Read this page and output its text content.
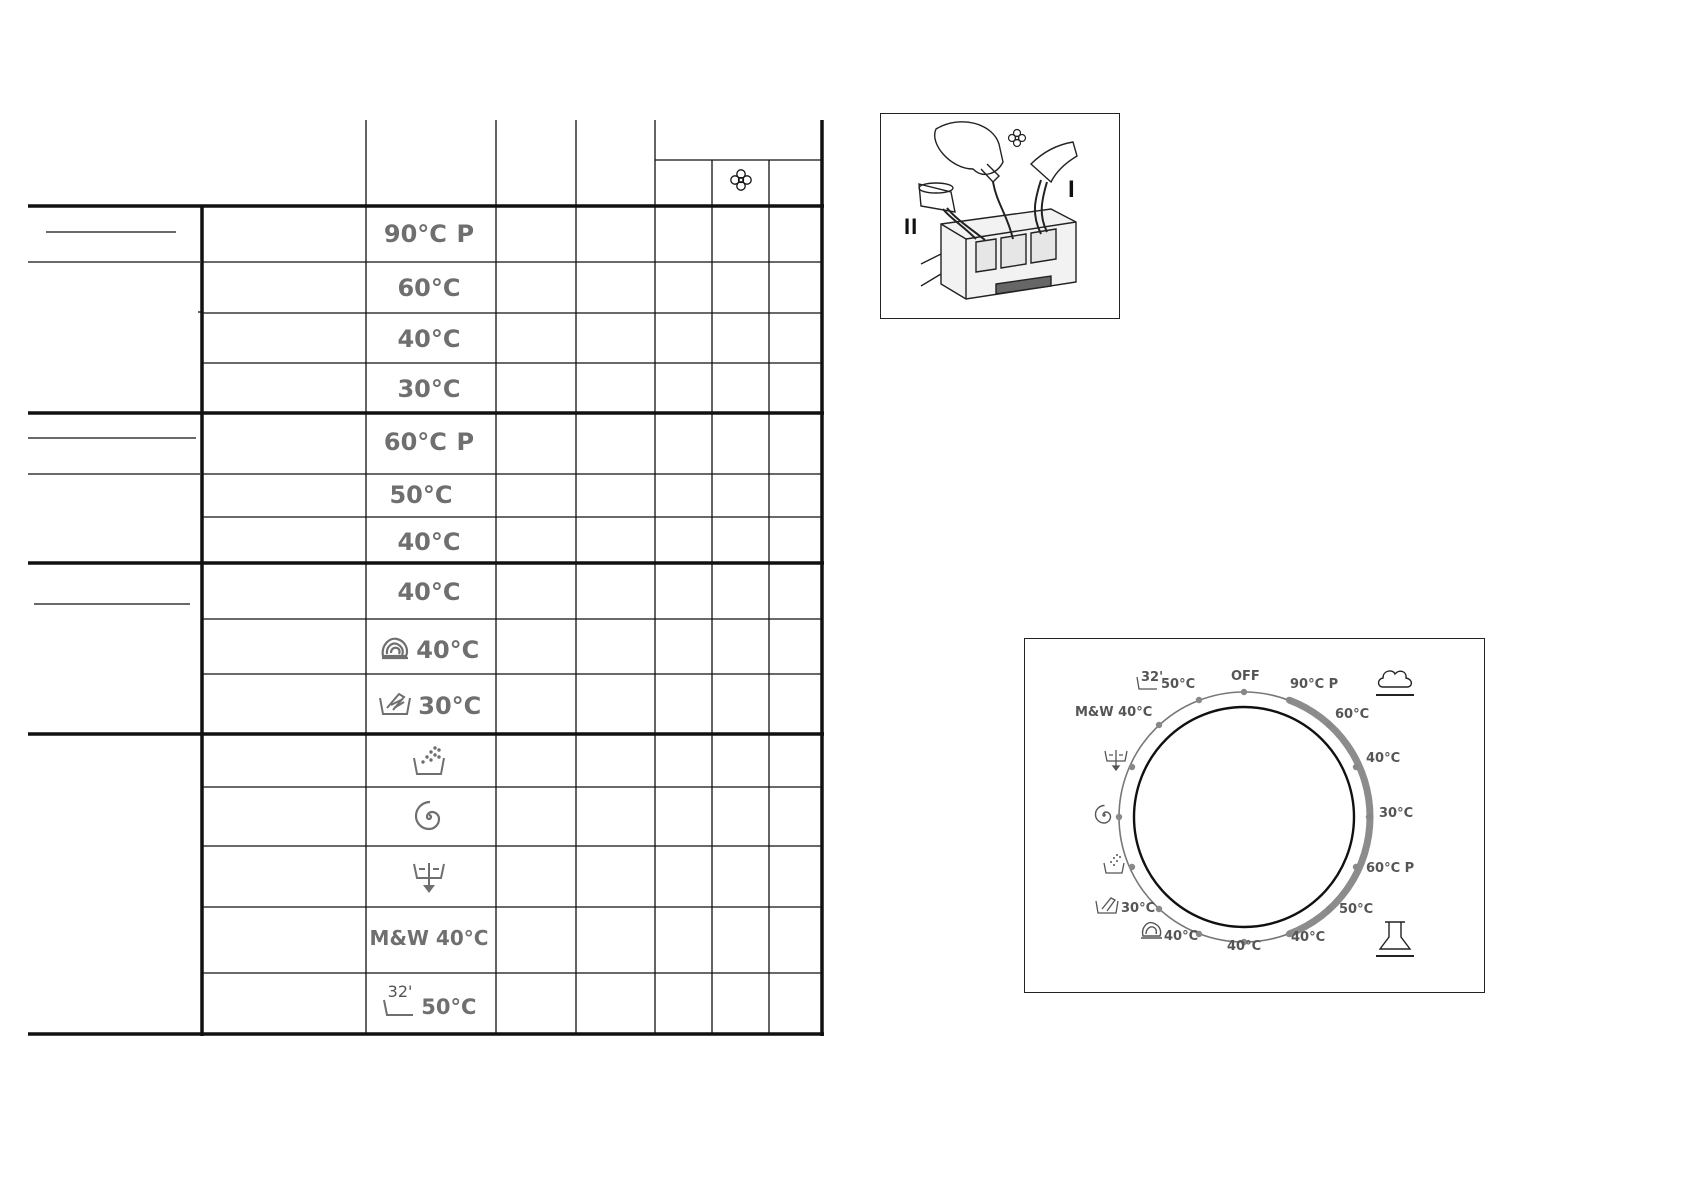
90°C P
60°C
40°C
30°C
60°C P
50°C
40°C
40°C
40°C
30°C
M&W 40°C
32'
50°C
I
II
OFF
90°C P
60°C
40°C
30°C
60°C P
50°C
40°C
40°C
40°C
30°C
M&W 40°C
32'
50°C
